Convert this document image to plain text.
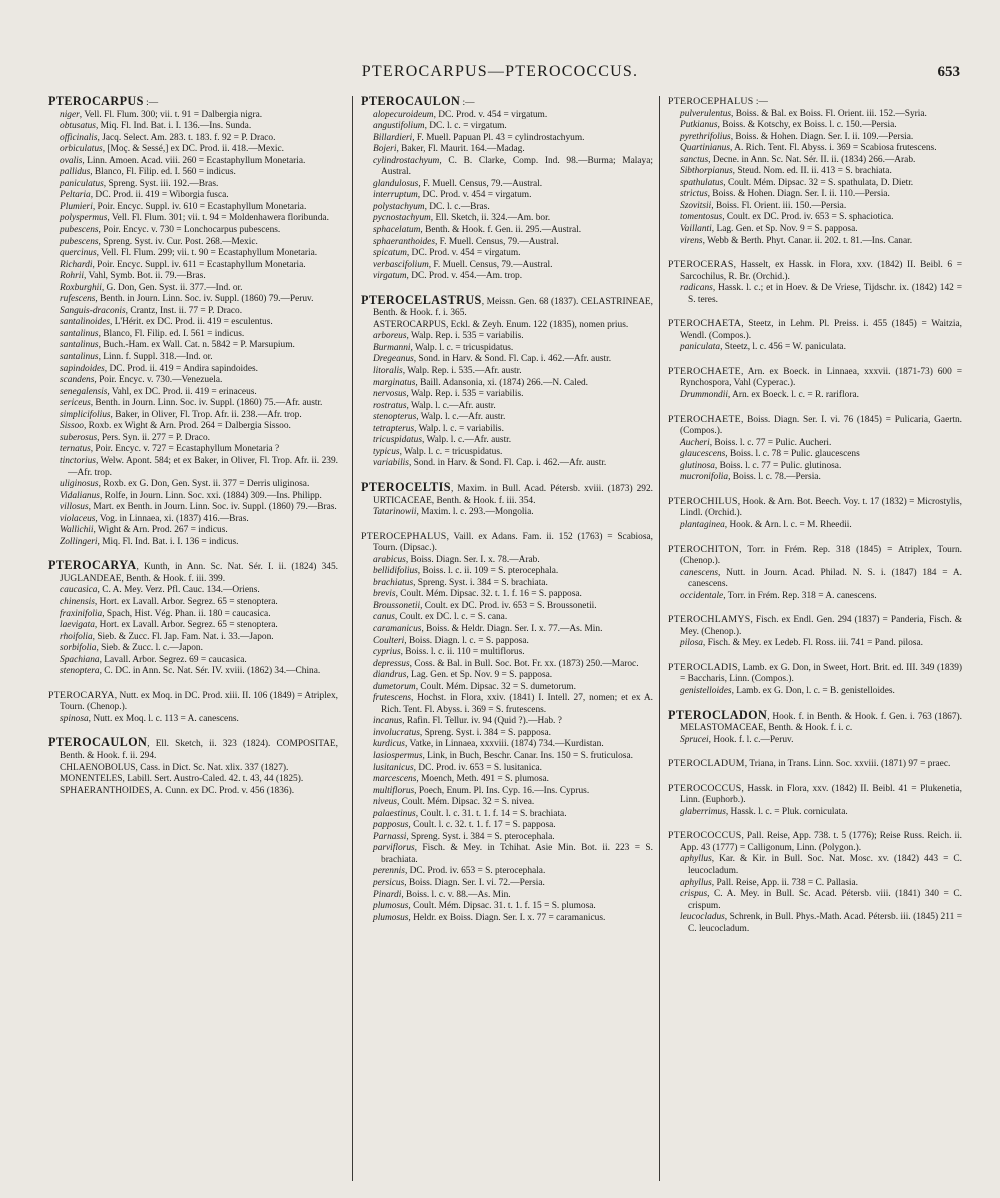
PTEROCARPUS—PTEROCOCCUS.	653
PTEROCARPUS :—
niger, Vell. Fl. Flum. 300; vii. t. 91 = Dalbergia nigra.
obtusatus, Miq. Fl. Ind. Bat. i. I. 136.—Ins. Sunda.
officinalis, Jacq. Select. Am. 283. t. 183. f. 92 = P. Draco.
orbiculatus, [Moç. & Sessé,] ex DC. Prod. ii. 418.—Mexic.
ovalis, Linn. Amoen. Acad. viii. 260 = Ecastaphyllum Monetaria.
pallidus, Blanco, Fl. Filip. ed. I. 560 = indicus.
paniculatus, Spreng. Syst. iii. 192.—Bras.
Peltaria, DC. Prod. ii. 419 = Wiborgia fusca.
Plumieri, Poir. Encyc. Suppl. iv. 610 = Ecastaphyllum Monetaria.
polyspermus, Vell. Fl. Flum. 301; vii. t. 94 = Moldenhawera floribunda.
pubescens, Poir. Encyc. v. 730 = Lonchocarpus pubescens.
pubescens, Spreng. Syst. iv. Cur. Post. 268.—Mexic.
quercinus, Vell. Fl. Flum. 299; vii. t. 90 = Ecastaphyllum Monetaria.
Richardi, Poir. Encyc. Suppl. iv. 611 = Ecastaphyllum Monetaria.
Rohrii, Vahl, Symb. Bot. ii. 79.—Bras.
Roxburghii, G. Don, Gen. Syst. ii. 377.—Ind. or.
rufescens, Benth. in Journ. Linn. Soc. iv. Suppl. (1860) 79.—Peruv.
Sanguis-draconis, Crantz, Inst. ii. 77 = P. Draco.
santalinoides, L'Hérit. ex DC. Prod. ii. 419 = esculentus.
santalinus, Blanco, Fl. Filip. ed. I. 561 = indicus.
santalinus, Buch.-Ham. ex Wall. Cat. n. 5842 = P. Marsupium.
santalinus, Linn. f. Suppl. 318.—Ind. or.
sapindoides, DC. Prod. ii. 419 = Andira sapindoides.
scandens, Poir. Encyc. v. 730.—Venezuela.
senegalensis, Vahl, ex DC. Prod. ii. 419 = erinaceus.
sericeus, Benth. in Journ. Linn. Soc. iv. Suppl. (1860) 75.—Afr. austr.
simplicifolius, Baker, in Oliver, Fl. Trop. Afr. ii. 238.—Afr. trop.
Sissoo, Roxb. ex Wight & Arn. Prod. 264 = Dalbergia Sissoo.
suberosus, Pers. Syn. ii. 277 = P. Draco.
ternatus, Poir. Encyc. v. 727 = Ecastaphyllum Monetaria ?
tinctorius, Welw. Apont. 584; et ex Baker, in Oliver, Fl. Trop. Afr. ii. 239.—Afr. trop.
uliginosus, Roxb. ex G. Don, Gen. Syst. ii. 377 = Derris uliginosa.
Vidalianus, Rolfe, in Journ. Linn. Soc. xxi. (1884) 309.—Ins. Philipp.
villosus, Mart. ex Benth. in Journ. Linn. Soc. iv. Suppl. (1860) 79.—Bras.
violaceus, Vog. in Linnaea, xi. (1837) 416.—Bras.
Wallichii, Wight & Arn. Prod. 267 = indicus.
Zollingeri, Miq. Fl. Ind. Bat. i. I. 136 = indicus.
PTEROCARYA, Kunth, in Ann. Sc. Nat. Sér. I. ii. (1824) 345. JUGLANDEAE, Benth. & Hook. f. iii. 399.
caucasica, C. A. Mey. Verz. Pfl. Cauc. 134.—Oriens.
chinensis, Hort. ex Lavall. Arbor. Segrez. 65 = stenoptera.
fraxinifolia, Spach, Hist. Vég. Phan. ii. 180 = caucasica.
laevigata, Hort. ex Lavall. Arbor. Segrez. 65 = stenoptera.
rhoifolia, Sieb. & Zucc. Fl. Jap. Fam. Nat. i. 33.—Japon.
sorbifolia, Sieb. & Zucc. l. c.—Japon.
Spachiana, Lavall. Arbor. Segrez. 69 = caucasica.
stenoptera, C. DC. in Ann. Sc. Nat. Sér. IV. xviii. (1862) 34.—China.
PTEROCARYA, Nutt. ex Moq. in DC. Prod. xiii. II. 106 (1849) = Atriplex, Tourn. (Chenop.).
spinosa, Nutt. ex Moq. l. c. 113 = A. canescens.
PTEROCAULON, Ell. Sketch, ii. 323 (1824). COMPOSITAE, Benth. & Hook. f. ii. 294.
CHLAENOBOLUS, Cass. in Dict. Sc. Nat. xlix. 337 (1827).
MONENTELES, Labill. Sert. Austro-Caled. 42. t. 43, 44 (1825).
SPHAERANTHOIDES, A. Cunn. ex DC. Prod. v. 456 (1836).
PTEROCAULON :—
alopecuroideum, DC. Prod. v. 454 = virgatum.
angustifolium, DC. l. c. = virgatum.
Billardieri, F. Muell. Papuan Pl. 43 = cylindrostachyum.
Bojeri, Baker, Fl. Maurit. 164.—Madag.
cylindrostachyum, C. B. Clarke, Comp. Ind. 98.—Burma; Malaya; Austral.
glandulosus, F. Muell. Census, 79.—Austral.
interruptum, DC. Prod. v. 454 = virgatum.
polystachyum, DC. l. c.—Bras.
pycnostachyum, Ell. Sketch, ii. 324.—Am. bor.
sphacelatum, Benth. & Hook. f. Gen. ii. 295.—Austral.
sphaeranthoides, F. Muell. Census, 79.—Austral.
spicatum, DC. Prod. v. 454 = virgatum.
verbascifolium, F. Muell. Census, 79.—Austral.
virgatum, DC. Prod. v. 454.—Am. trop.
PTEROCELASTRUS, Meissn. Gen. 68 (1837). CELASTRINEAE, Benth. & Hook. f. i. 365.
ASTEROCARPUS, Eckl. & Zeyh. Enum. 122 (1835), nomen prius.
arboreus, Walp. Rep. i. 535 = variabilis.
Burmanni, Walp. l. c. = tricuspidatus.
Dregeanus, Sond. in Harv. & Sond. Fl. Cap. i. 462.—Afr. austr.
litoralis, Walp. Rep. i. 535.—Afr. austr.
marginatus, Baill. Adansonia, xi. (1874) 266.—N. Caled.
nervosus, Walp. Rep. i. 535 = variabilis.
rostratus, Walp. l. c.—Afr. austr.
stenopterus, Walp. l. c.—Afr. austr.
tetrapterus, Walp. l. c. = variabilis.
tricuspidatus, Walp. l. c.—Afr. austr.
typicus, Walp. l. c. = tricuspidatus.
variabilis, Sond. in Harv. & Sond. Fl. Cap. i. 462.—Afr. austr.
PTEROCELTIS, Maxim. in Bull. Acad. Pétersb. xviii. (1873) 292. URTICACEAE, Benth. & Hook. f. iii. 354.
Tatarinowii, Maxim. l. c. 293.—Mongolia.
PTEROCEPHALUS, Vaill. ex Adans. Fam. ii. 152 (1763) = Scabiosa, Tourn. (Dipsac.).
arabicus, Boiss. Diagn. Ser. I. x. 78.—Arab.
bellidifolius, Boiss. l. c. ii. 109 = S. pterocephala.
brachiatus, Spreng. Syst. i. 384 = S. brachiata.
brevis, Coult. Mém. Dipsac. 32. t. 1. f. 16 = S. papposa.
Broussonetii, Coult. ex DC. Prod. iv. 653 = S. Broussonetii.
canus, Coult. ex DC. l. c. = S. cana.
caramanicus, Boiss. & Heldr. Diagn. Ser. I. x. 77.—As. Min.
Coulteri, Boiss. Diagn. l. c. = S. papposa.
cyprius, Boiss. l. c. ii. 110 = multiflorus.
depressus, Coss. & Bal. in Bull. Soc. Bot. Fr. xx. (1873) 250.—Maroc.
diandrus, Lag. Gen. et Sp. Nov. 9 = S. papposa.
dumetorum, Coult. Mém. Dipsac. 32 = S. dumetorum.
frutescens, Hochst. in Flora, xxiv. (1841) I. Intell. 27, nomen; et ex A. Rich. Tent. Fl. Abyss. i. 369 = S. frutescens.
incanus, Rafin. Fl. Tellur. iv. 94 (Quid ?).—Hab. ?
involucratus, Spreng. Syst. i. 384 = S. papposa.
kurdicus, Vatke, in Linnaea, xxxviii. (1874) 734.—Kurdistan.
lasiospermus, Link, in Buch, Beschr. Canar. Ins. 150 = S. fruticulosa.
lusitanicus, DC. Prod. iv. 653 = S. lusitanica.
marcescens, Moench, Meth. 491 = S. plumosa.
multiflorus, Poech, Enum. Pl. Ins. Cyp. 16.—Ins. Cyprus.
niveus, Coult. Mém. Dipsac. 32 = S. nivea.
palaestinus, Coult. l. c. 31. t. 1. f. 14 = S. brachiata.
papposus, Coult. l. c. 32. t. 1. f. 17 = S. papposa.
Parnassi, Spreng. Syst. i. 384 = S. pterocephala.
parviflorus, Fisch. & Mey. in Tchihat. Asie Min. Bot. ii. 223 = S. brachiata.
perennis, DC. Prod. iv. 653 = S. pterocephala.
persicus, Boiss. Diagn. Ser. I. vi. 72.—Persia.
Pinardi, Boiss. l. c. v. 88.—As. Min.
plumosus, Coult. Mém. Dipsac. 31. t. 1. f. 15 = S. plumosa.
plumosus, Heldr. ex Boiss. Diagn. Ser. I. x. 77 = caramanicus.
PTEROCEPHALUS :—
pulverulentus, Boiss. & Bal. ex Boiss. Fl. Orient. iii. 152.—Syria.
Putkianus, Boiss. & Kotschy, ex Boiss. l. c. 150.—Persia.
pyrethrifolius, Boiss. & Hohen. Diagn. Ser. I. ii. 109.—Persia.
Quartinianus, A. Rich. Tent. Fl. Abyss. i. 369 = Scabiosa frutescens.
sanctus, Decne. in Ann. Sc. Nat. Sér. II. ii. (1834) 266.—Arab.
Sibthorpianus, Steud. Nom. ed. II. ii. 413 = S. brachiata.
spathulatus, Coult. Mém. Dipsac. 32 = S. spathulata, D. Dietr.
strictus, Boiss. & Hohen. Diagn. Ser. I. ii. 110.—Persia.
Szovitsii, Boiss. Fl. Orient. iii. 150.—Persia.
tomentosus, Coult. ex DC. Prod. iv. 653 = S. sphaciotica.
Vaillanti, Lag. Gen. et Sp. Nov. 9 = S. papposa.
virens, Webb & Berth. Phyt. Canar. ii. 202. t. 81.—Ins. Canar.
PTEROCERAS, Hasselt, ex Hassk. in Flora, xxv. (1842) II. Beibl. 6 = Sarcochilus, R. Br. (Orchid.).
radicans, Hassk. l. c.; et in Hoev. & De Vriese, Tijdschr. ix. (1842) 142 = S. teres.
PTEROCHAETA, Steetz, in Lehm. Pl. Preiss. i. 455 (1845) = Waitzia, Wendl. (Compos.).
paniculata, Steetz, l. c. 456 = W. paniculata.
PTEROCHAETE, Arn. ex Boeck. in Linnaea, xxxvii. (1871-73) 600 = Rynchospora, Vahl (Cyperac.).
Drummondii, Arn. ex Boeck. l. c. = R. rariflora.
PTEROCHAETE, Boiss. Diagn. Ser. I. vi. 76 (1845) = Pulicaria, Gaertn. (Compos.).
Aucheri, Boiss. l. c. 77 = Pulic. Aucheri.
glaucescens, Boiss. l. c. 78 = Pulic. glaucescens
glutinosa, Boiss. l. c. 77 = Pulic. glutinosa.
mucronifolia, Boiss. l. c. 78.—Persia.
PTEROCHILUS, Hook. & Arn. Bot. Beech. Voy. t. 17 (1832) = Microstylis, Lindl. (Orchid.).
plantaginea, Hook. & Arn. l. c. = M. Rheedii.
PTEROCHITON, Torr. in Frém. Rep. 318 (1845) = Atriplex, Tourn. (Chenop.).
canescens, Nutt. in Journ. Acad. Philad. N. S. i. (1847) 184 = A. canescens.
occidentale, Torr. in Frém. Rep. 318 = A. canescens.
PTEROCHLAMYS, Fisch. ex Endl. Gen. 294 (1837) = Panderia, Fisch. & Mey. (Chenop.).
pilosa, Fisch. & Mey. ex Ledeb. Fl. Ross. iii. 741 = Pand. pilosa.
PTEROCLADIS, Lamb. ex G. Don, in Sweet, Hort. Brit. ed. III. 349 (1839) = Baccharis, Linn. (Compos.).
genistelloides, Lamb. ex G. Don, l. c. = B. genistelloides.
PTEROCLADON, Hook. f. in Benth. & Hook. f. Gen. i. 763 (1867). MELASTOMACEAE, Benth. & Hook. f. i. c.
Sprucei, Hook. f. l. c.—Peruv.
PTEROCLADUM, Triana, in Trans. Linn. Soc. xxviii. (1871) 97 = praec.
PTEROCOCCUS, Hassk. in Flora, xxv. (1842) II. Beibl. 41 = Plukenetia, Linn. (Euphorb.).
glaberrimus, Hassk. l. c. = Pluk. corniculata.
PTEROCOCCUS, Pall. Reise, App. 738. t. 5 (1776); Reise Russ. Reich. ii. App. 43 (1777) = Calligonum, Linn. (Polygon.).
aphyllus, Kar. & Kir. in Bull. Soc. Nat. Mosc. xv. (1842) 443 = C. leucocladum.
aphyllus, Pall. Reise, App. ii. 738 = C. Pallasia.
crispus, C. A. Mey. in Bull. Sc. Acad. Pétersb. viii. (1841) 340 = C. crispum.
leucocladus, Schrenk, in Bull. Phys.-Math. Acad. Pétersb. iii. (1845) 211 = C. leucocladum.
